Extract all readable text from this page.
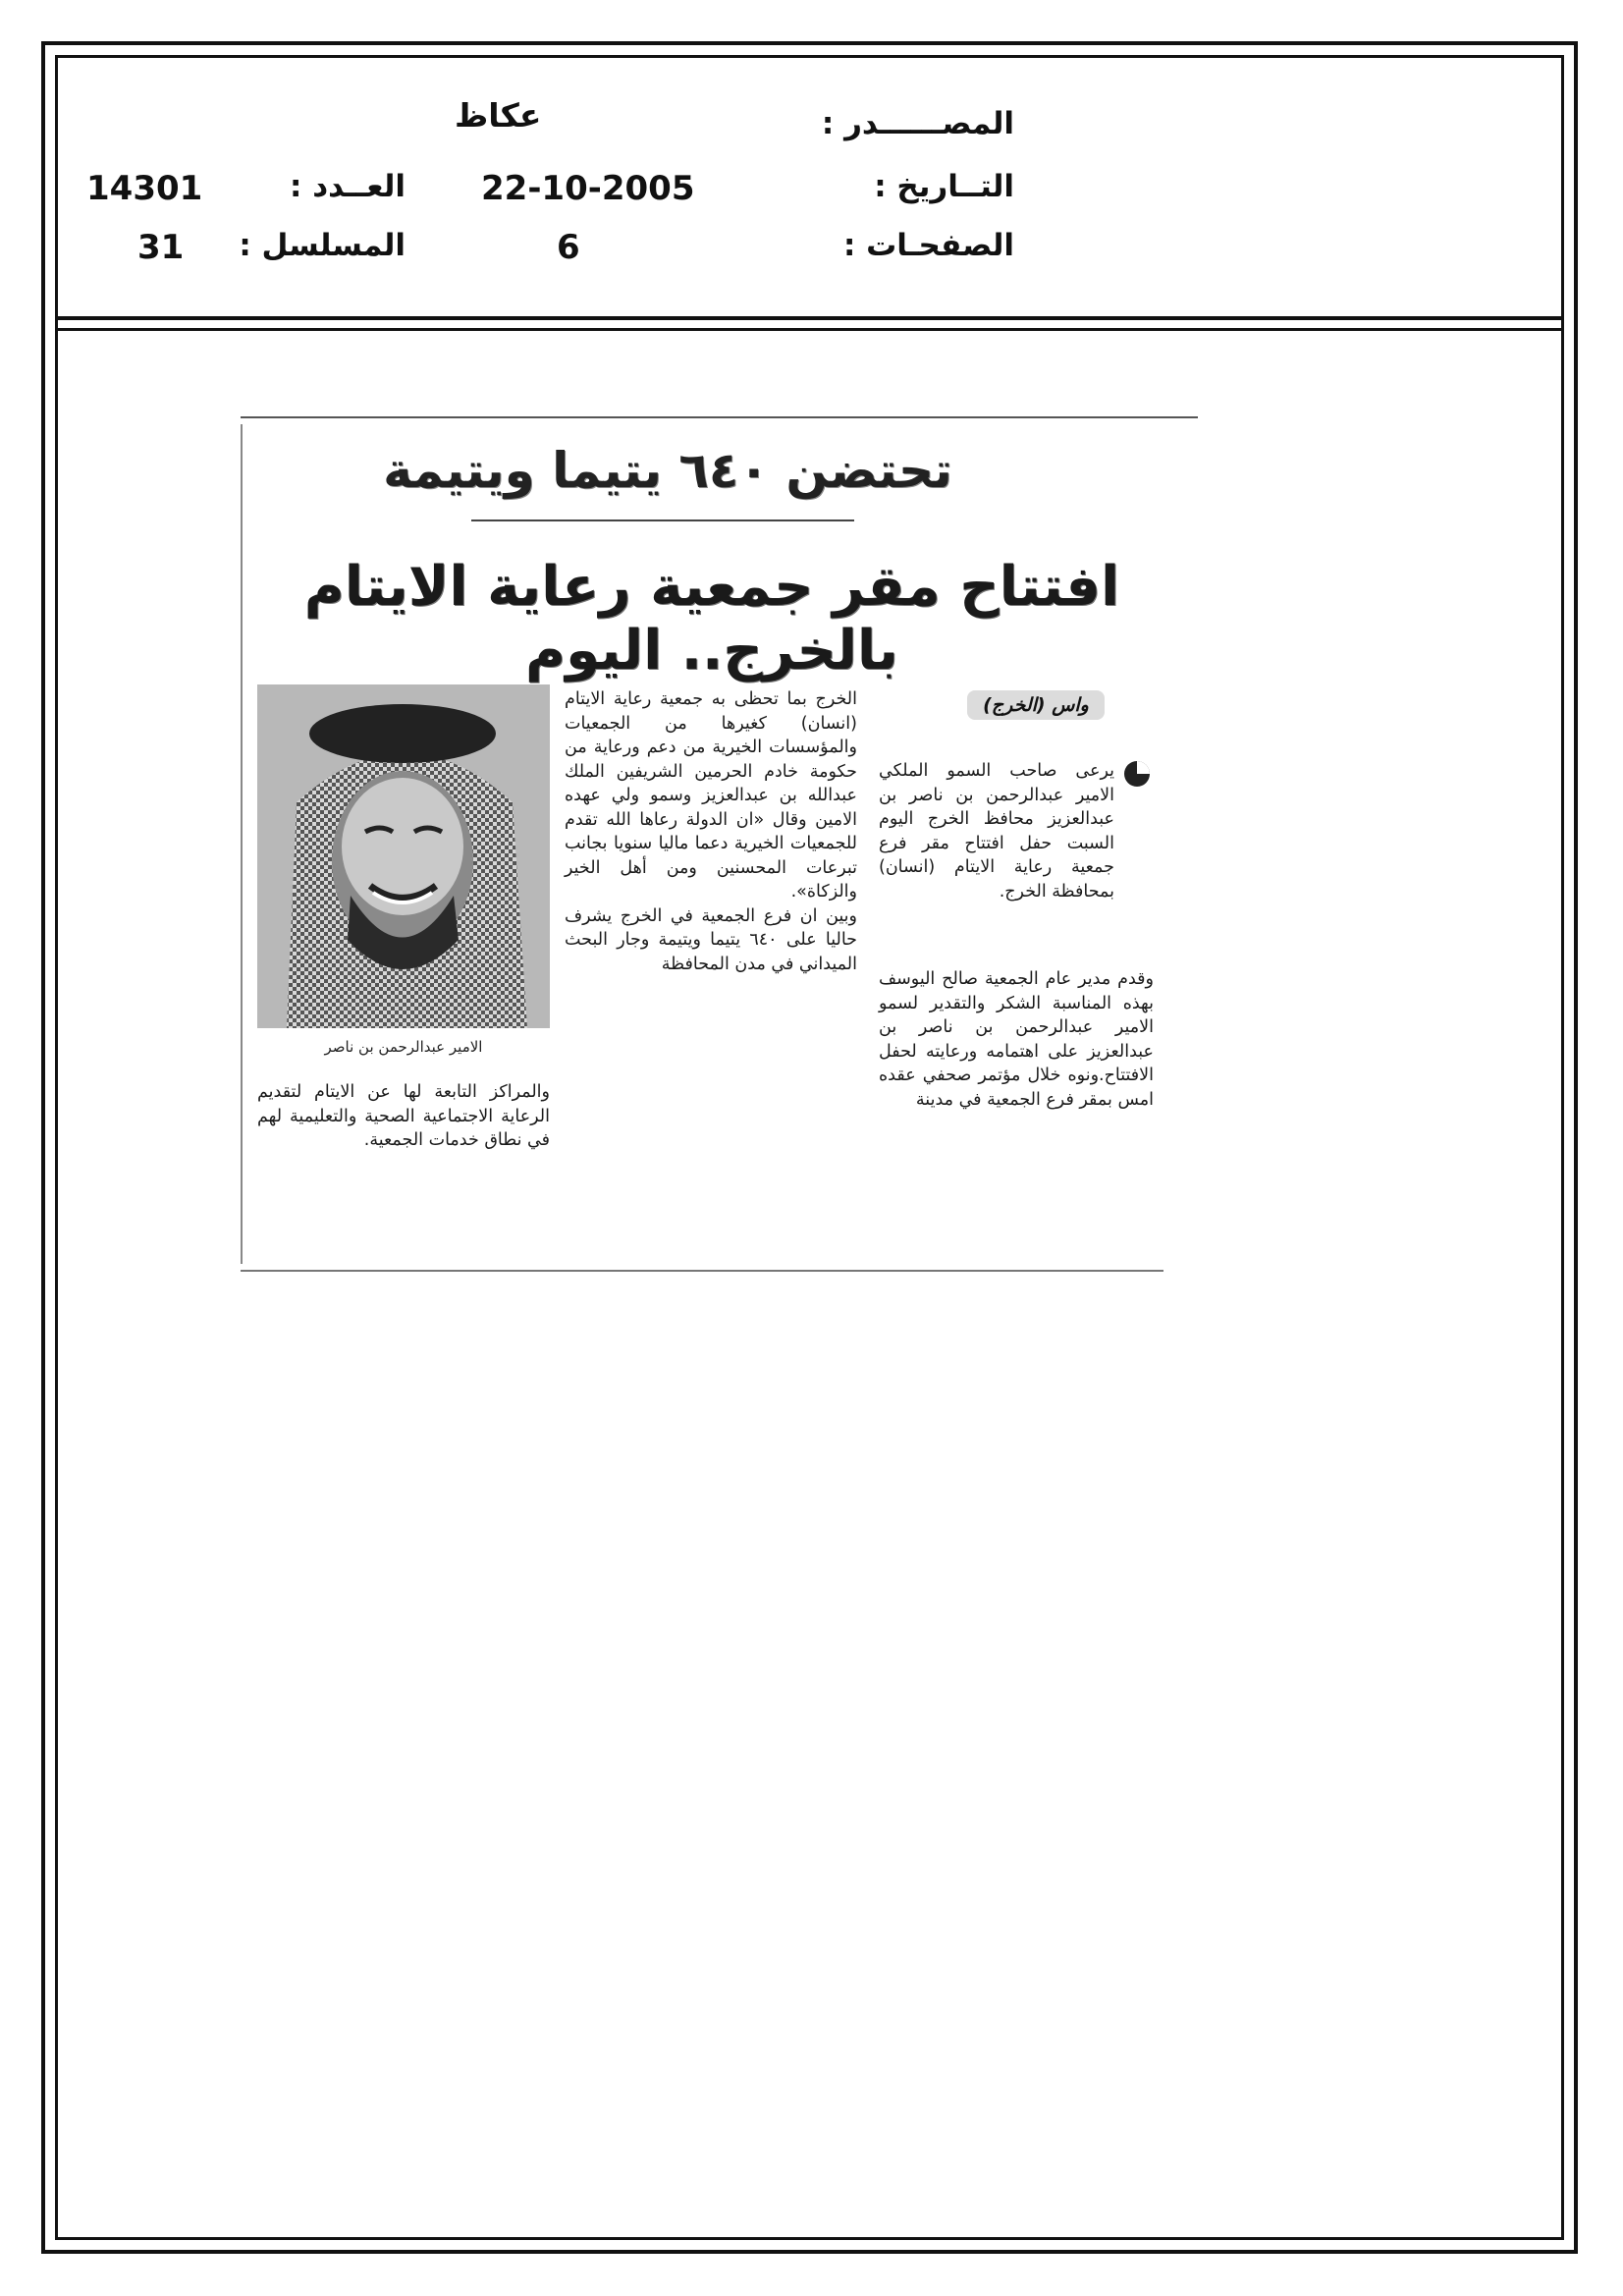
المصــــــدر :
عكاظ
التــاريخ :
22-10-2005
العــدد :
14301
الصفحـات :
6
المسلسل :
31
تحتضن ٦٤٠ يتيما ويتيمة
افتتاح مقر جمعية رعاية الايتام بالخرج.. اليوم
واس (الخرج)

يرعى صاحب السمو الملكي الامير عبدالرحمن بن ناصر بن عبدالعزيز محافظ الخرج اليوم السبت حفل افتتاح مقر فرع جمعية رعاية الايتام (انسان) بمحافظة الخرج.

وقدم مدير عام الجمعية صالح اليوسف بهذه المناسبة الشكر والتقدير لسمو الامير عبدالرحمن بن ناصر بن عبدالعزيز على اهتمامه ورعايته لحفل الافتتاح.ونوه خلال مؤتمر صحفي عقده امس بمقر فرع الجمعية في مدينة

الخرج بما تحظى به جمعية رعاية الايتام (انسان) كغيرها من الجمعيات والمؤسسات الخيرية من دعم ورعاية من حكومة خادم الحرمين الشريفين الملك عبدالله بن عبدالعزيز وسمو ولي عهده الامين وقال «ان الدولة رعاها الله تقدم للجمعيات الخيرية دعما ماليا سنويا بجانب تبرعات المحسنين ومن أهل الخير والزكاة».

وبين ان فرع الجمعية في الخرج يشرف حاليا على ٦٤٠ يتيما ويتيمة وجار البحث الميداني في مدن المحافظة

الامير عبدالرحمن بن ناصر

والمراكز التابعة لها عن الايتام لتقديم الرعاية الاجتماعية الصحية والتعليمية لهم في نطاق خدمات الجمعية.
